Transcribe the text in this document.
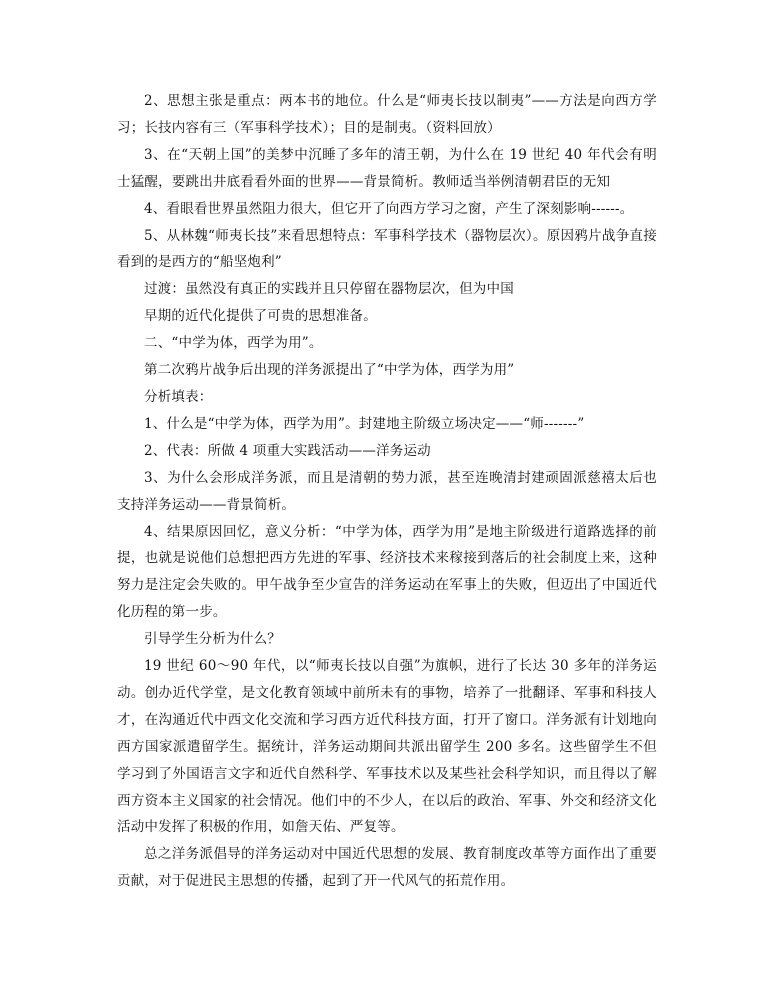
2、思想主张是重点：两本书的地位。什么是“师夷长技以制夷”——方法是向西方学习；长技内容有三（军事科学技术）；目的是制夷。（资料回放）

3、在“天朝上国”的美梦中沉睡了多年的清王朝，为什么在 19 世纪 40 年代会有明士猛醒，要跳出井底看看外面的世界——背景简析。教师适当举例清朝君臣的无知

4、看眼看世界虽然阻力很大，但它开了向西方学习之窗，产生了深刻影响------。

5、从林魏“师夷长技”来看思想特点：军事科学技术（器物层次）。原因鸦片战争直接看到的是西方的“船坚炮利”

过渡：虽然没有真正的实践并且只停留在器物层次，但为中国

早期的近代化提供了可贵的思想准备。

二、“中学为体，西学为用”。

第二次鸦片战争后出现的洋务派提出了“中学为体，西学为用”

分析填表：

1、什么是“中学为体，西学为用”。封建地主阶级立场决定——“师-------”

2、代表：所做 4 项重大实践活动——洋务运动

3、为什么会形成洋务派，而且是清朝的势力派，甚至连晚清封建顽固派慈禧太后也支持洋务运动——背景简析。

4、结果原因回忆，意义分析：“中学为体，西学为用”是地主阶级进行道路选择的前提，也就是说他们总想把西方先进的军事、经济技术来稼接到落后的社会制度上来，这种努力是注定会失败的。甲午战争至少宣告的洋务运动在军事上的失败，但迈出了中国近代化历程的第一步。

引导学生分析为什么？

19 世纪 60～90 年代，以“师夷长技以自强”为旗帜，进行了长达 30 多年的洋务运动。创办近代学堂，是文化教育领域中前所未有的事物，培养了一批翻译、军事和科技人才，在沟通近代中西文化交流和学习西方近代科技方面，打开了窗口。洋务派有计划地向西方国家派遣留学生。据统计，洋务运动期间共派出留学生 200 多名。这些留学生不但学习到了外国语言文字和近代自然科学、军事技术以及某些社会科学知识，而且得以了解西方资本主义国家的社会情况。他们中的不少人，在以后的政治、军事、外交和经济文化活动中发挥了积极的作用，如詹天佑、严复等。

总之洋务派倡导的洋务运动对中国近代思想的发展、教育制度改革等方面作出了重要贡献，对于促进民主思想的传播，起到了开一代风气的拓荒作用。
